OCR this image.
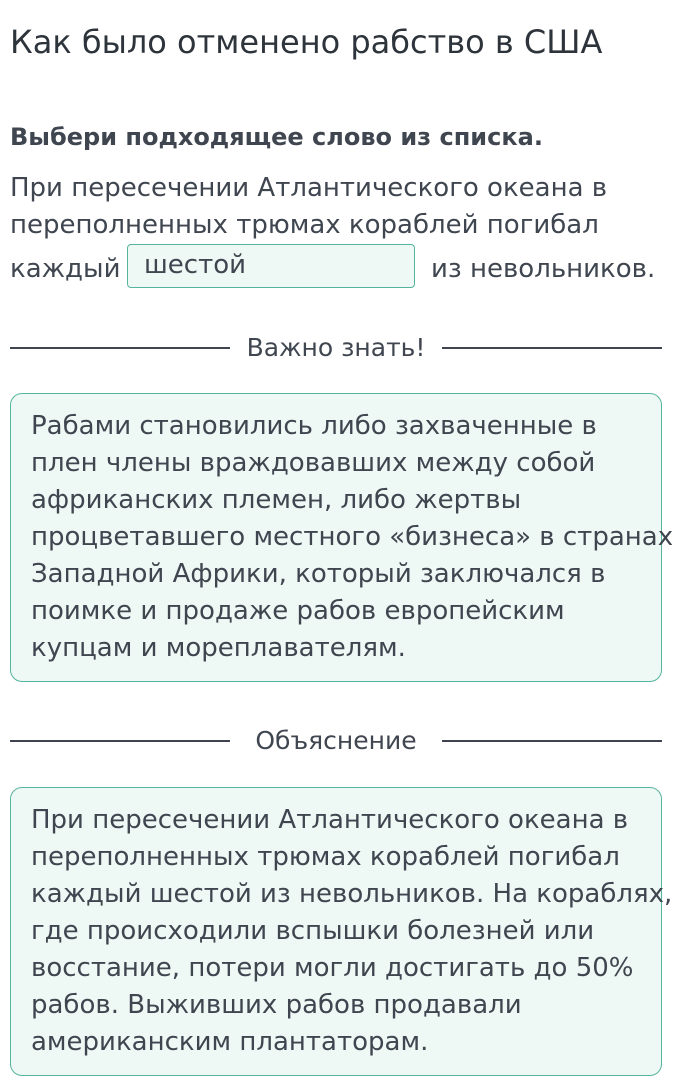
Как было отменено рабство в США
Выбери подходящее слово из списка.
При пересечении Атлантического океана в
переполненных трюмах кораблей погибал
каждый шестой	из невольников.
Важно знать!
Рабами становились либо захваченные в
плен члены враждовавших между собой
африканских племен, либо жертвы
процветавшего местного «бизнеса» в странах
Западной Африки, который заключался в
поимке и продаже рабов европейским
купцам и мореплавателям.
Объяснение
При пересечении Атлантического океана в
переполненных трюмах кораблей погибал
каждый шестой из невольников. На кораблях,
где происходили вспышки болезней или
восстание, потери могли достигать до 50%
рабов. Выживших рабов продавали
американским плантаторам.
